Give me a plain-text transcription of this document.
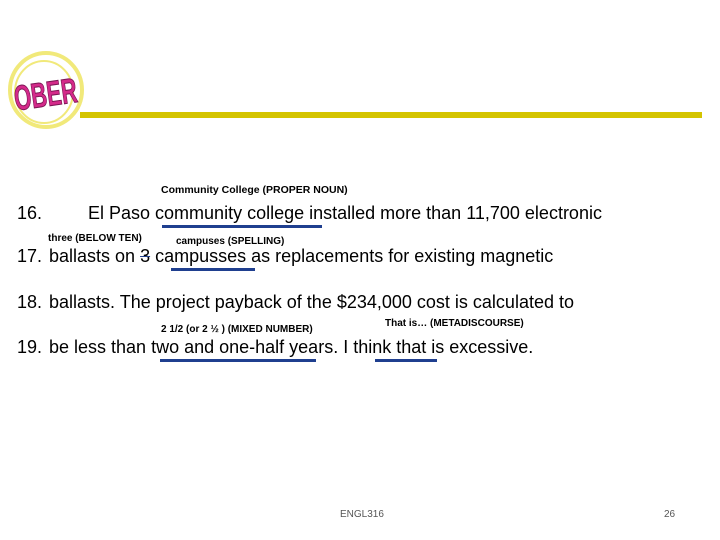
OBER
Community College (PROPER NOUN)
16.	El Paso community college installed more than 11,700 electronic
three (BELOW TEN)	campuses (SPELLING)
17. ballasts on 3 campusses as replacements for existing magnetic
18. ballasts. The project payback of the $234,000 cost is calculated to
2 1/2 (or 2 ½ ) (MIXED NUMBER)
That is… (METADISCOURSE)
19. be less than two and one-half years. I think that is excessive.
ENGL316	26
